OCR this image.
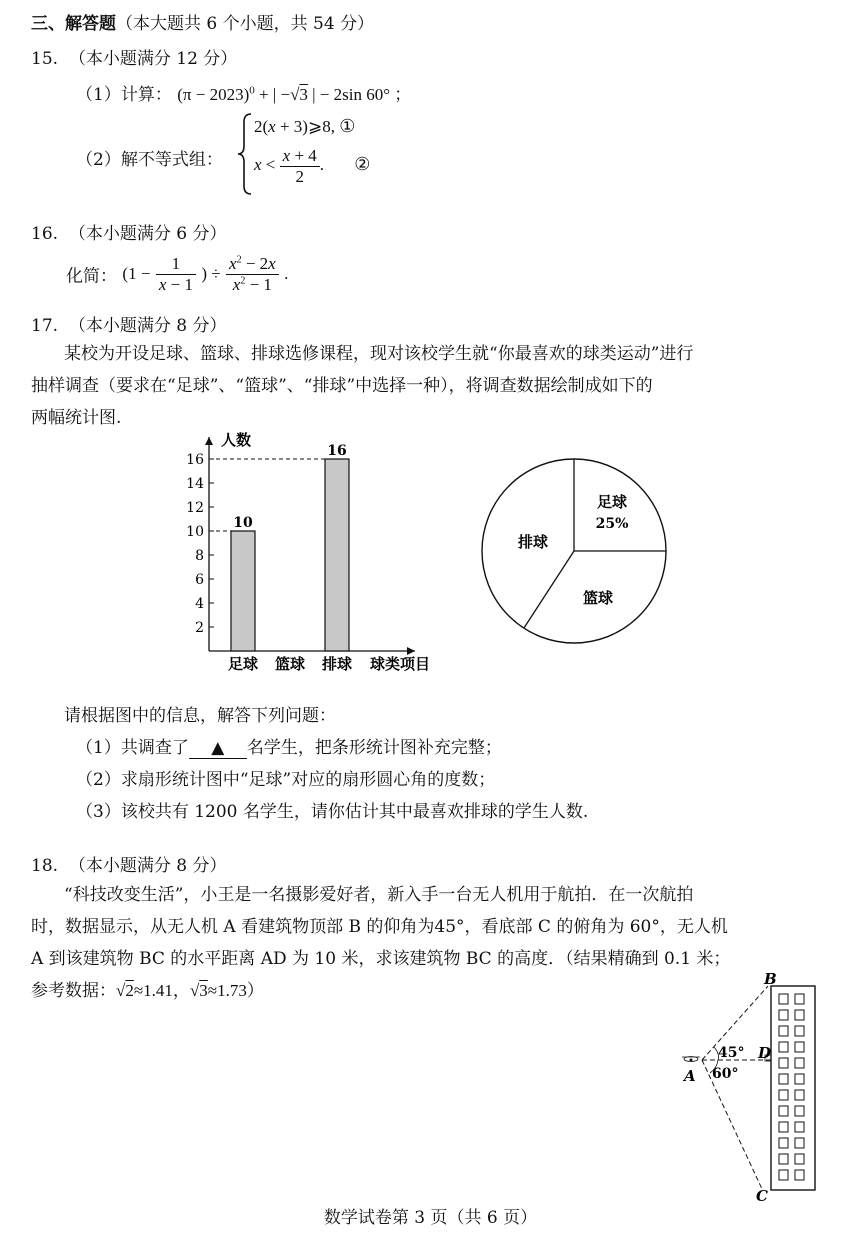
三、解答题（本大题共 6 个小题，共 54 分）
15. （本小题满分 12 分）
（1）计算： $(\pi - 2023)^0$ + | −√3 | − 2sin 60° ；
（2）解不等式组：
2(x + 3)⩾8, ①
$x < \frac{x + 4}{2}$ . ②
16. （本小题满分 6 分）
化简： ($1 - \frac{1}{x - 1}$ ) ÷ $\frac{x^2 - 2x}{x^2 - 1}$ .
17. （本小题满分 8 分）
某校为开设足球、篮球、排球选修课程，现对该校学生就“你最喜欢的球类运动”进行
抽样调查（要求在“足球”、“篮球”、“排球”中选择一种），将调查数据绘制成如下的
两幅统计图.
人数
2
4
6
8
10
12
14
16
10
足球 篮球
16
排球 球类项目
足球
25%
篮球
排球
请根据图中的信息，解答下列问题：
（1）共调查了 ▲ 名学生，把条形统计图补充完整；
（2）求扇形统计图中“足球”对应的扇形圆心角的度数；
（3）该校共有 1200 名学生，请你估计其中最喜欢排球的学生人数.
18. （本小题满分 8 分）
“科技改变生活”，小王是一名摄影爱好者，新入手一台无人机用于航拍．在一次航拍
时，数据显示，从无人机 A 看建筑物顶部 B 的仰角为45°，看底部 C 的俯角为 60°，无人机
A 到该建筑物 BC 的水平距离 AD 为 10 米，求该建筑物 BC 的高度．（结果精确到 0.1 米；
参考数据：√2≈1.41，√3≈1.73）
B
C
D
A
45°
60°
数学试卷第 3 页（共 6 页）
